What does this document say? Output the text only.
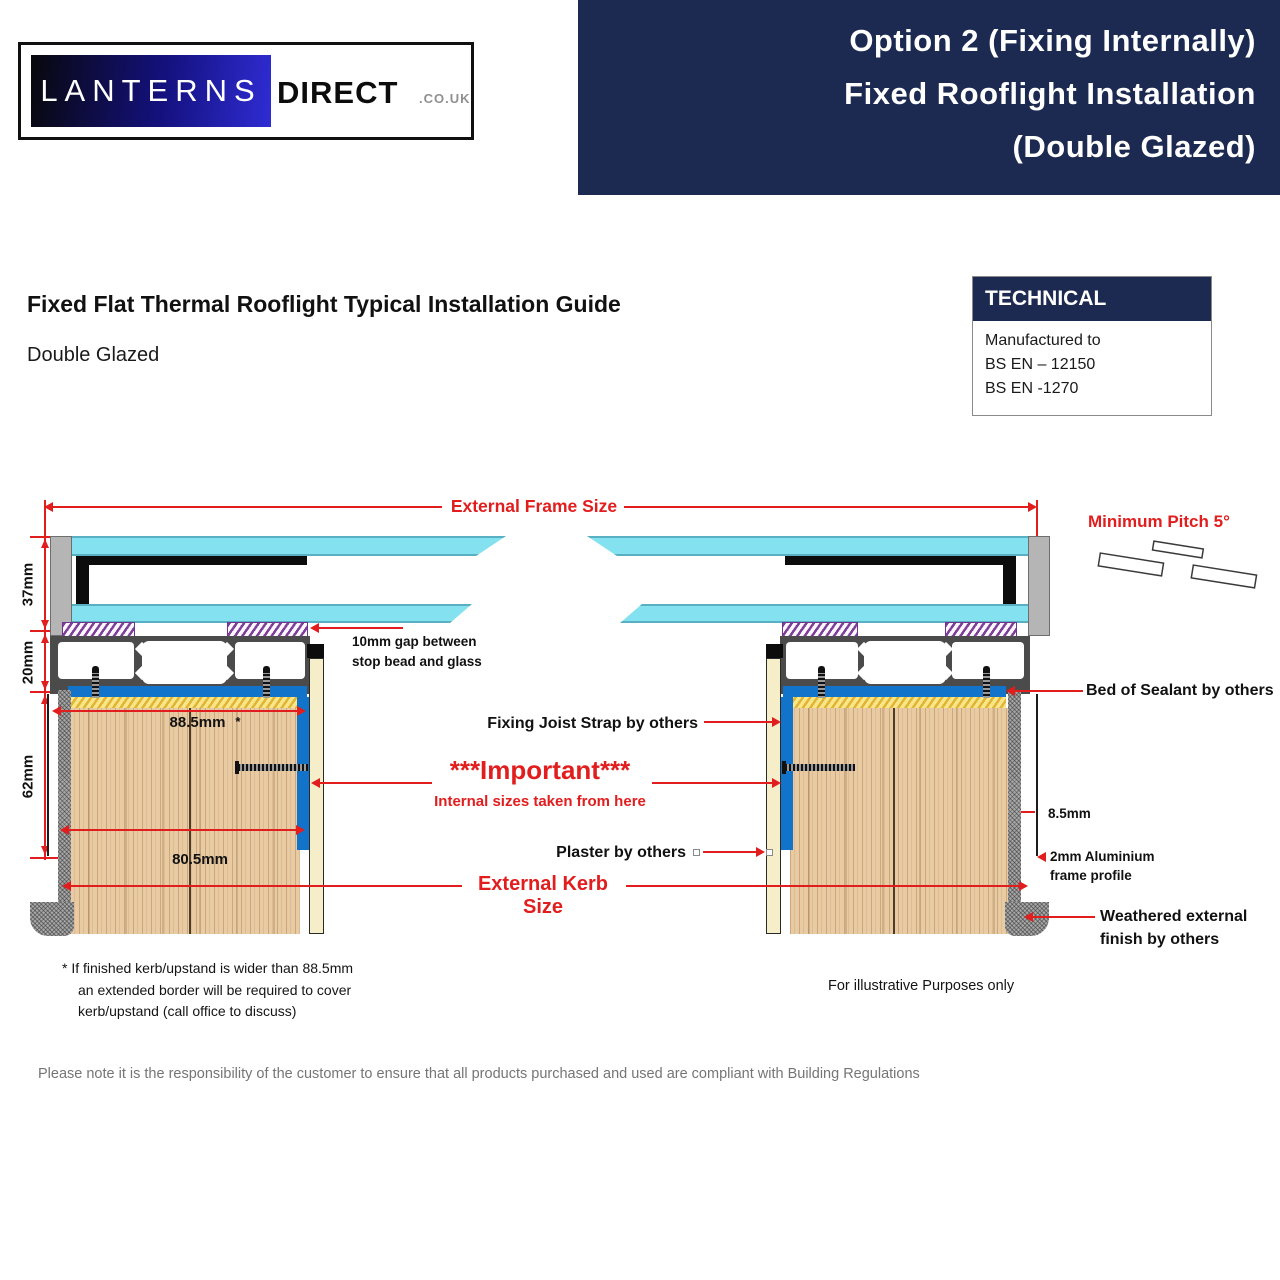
Option 2 (Fixing Internally)
Fixed Rooflight Installation
(Double Glazed)
LANTERNS DIRECT .CO.UK
Fixed Flat Thermal Rooflight Typical Installation Guide
Double Glazed
TECHNICAL
Manufactured to
BS EN – 12150
BS EN -1270
External Frame Size
37mm
20mm
62mm
88.5mm *
80.5mm
External Kerb Size
Fixing Joist Strap by others
***Important***
Internal sizes taken from here
Plaster by others
Bed of Sealant by others
8.5mm
2mm Aluminium
frame profile
Weathered external
finish by others
10mm gap between
stop bead and glass
Minimum Pitch 5°
* If finished kerb/upstand is wider than 88.5mm
an extended border will be required to cover
kerb/upstand (call office to discuss)
For illustrative Purposes only
Please note it is the responsibility of the customer to ensure that all products purchased and used are compliant with Building Regulations
